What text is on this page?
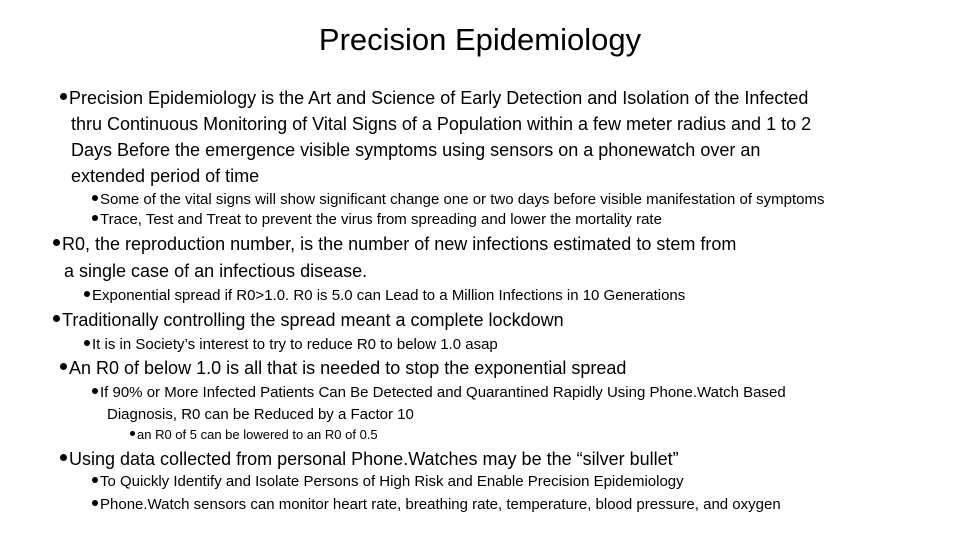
Precision Epidemiology
Precision Epidemiology is the Art and Science of Early Detection and Isolation of the Infected
thru Continuous Monitoring of Vital Signs of a Population within a few meter radius and 1 to 2
Days Before the emergence visible symptoms using sensors on a phonewatch over an
extended period of time
Some of the vital signs will show significant change one or two days before visible manifestation of symptoms
Trace, Test and Treat to prevent the virus from spreading and lower the mortality rate
R0, the reproduction number, is the number of new infections estimated to stem from
a single case of an infectious disease.
Exponential spread if R0>1.0. R0 is 5.0 can Lead to a Million Infections in 10 Generations
Traditionally controlling the spread meant a complete lockdown
It is in Society’s interest to try to reduce R0 to below 1.0 asap
An R0 of below 1.0 is all that is needed to stop the exponential spread
If 90% or More Infected Patients Can Be Detected and Quarantined Rapidly Using Phone.Watch Based
Diagnosis, R0 can be Reduced by a Factor 10
an R0 of 5 can be lowered to an R0 of 0.5
Using data collected from personal Phone.Watches may be the “silver bullet”
To Quickly Identify and Isolate Persons of High Risk and Enable Precision Epidemiology
Phone.Watch sensors can monitor heart rate, breathing rate, temperature, blood pressure, and oxygen
